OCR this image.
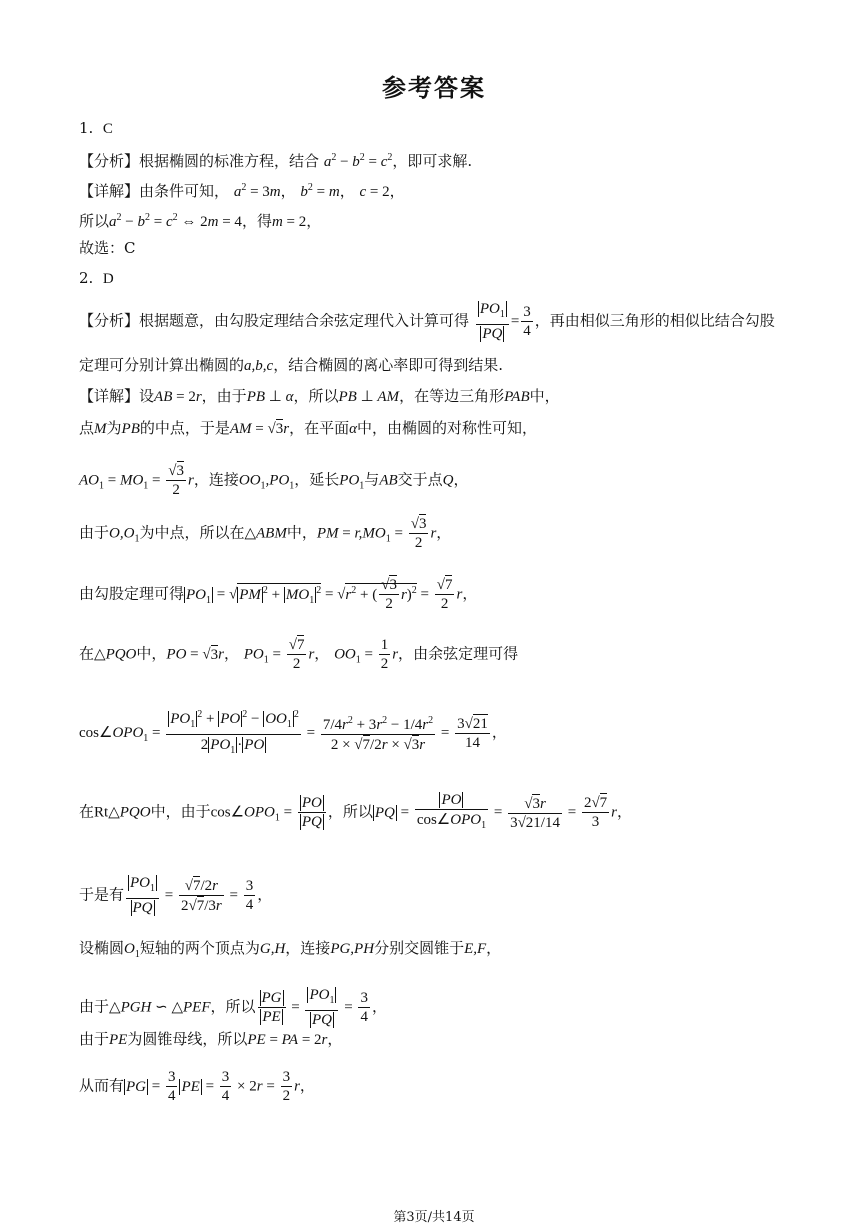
参考答案
1. C
【分析】根据椭圆的标准方程，结合 $a^2 - b^2 = c^2$，即可求解.
【详解】由条件可知， $a^2 = 3m$， $b^2 = m$， c = 2，
所以$a^2 - b^2 = c^2$ ⇔ 2m = 4，得m = 2，
故选：C
2. D
【分析】根据题意，由勾股定理结合余弦定理代入计算可得 $\frac{PO_1}{PQ} = \frac{3}{4}$ ，再由相似三角形的相似比结合勾股
定理可分别计算出椭圆的a,b,c，结合椭圆的离心率即可得到结果.
【详解】设AB = 2r，由于PB ⊥ α，所以PB ⊥ AM，在等边三角形PAB中，
点M为PB的中点，于是AM = √3r，在平面α中，由椭圆的对称性可知，
$AO_1 = MO_1 = \frac{√3}{2}$ r，连接$OO_1,PO_1$，延长$PO_1$与AB交于点Q，
由于$O,O_1$为中点，所以在△ABM中，PM = $r,MO_1 = \frac{√3}{2}$ r，
由勾股定理可得 $PO_1$ = √ PM $^2 + MO_1^2 = √r^2$ + ( $\frac{√3}{2} r)^2 = \frac{√7}{2}$ r，
在△PQO中，PO = √3r， $PO_1 = \frac{√7}{2}$ r， $OO_1 = \frac{1}{2}$ r，由余弦定理可得
$\cos\angle OPO_1 = \frac{PO_1^2 + PO ^2 - OO_1^2}{2 PO_1 \cdot PO} = \frac{7/4r^2 + 3r^2 - 1/4r^2}{2 \times √7/2r \times √3r} = \frac{3√21}{14}$ ，
在Rt△PQO中，由于$\cos\angle OPO_1 = \frac{PO}{PQ}$ ，所以 PQ = $\frac{PO}{\cos\angle OPO_1} = \frac{√3r}{3√21/14} = \frac{2√7}{3}$ r，
于是有 $\frac{PO_1}{PQ} = \frac{√7/2r}{2√7/3r} = \frac{3}{4}$ ，
设椭圆$O_1$短轴的两个顶点为G,H，连接PG,PH分别交圆锥于E,F，
由于△PGH ∽ △PEF，所以 $\frac{PG}{PE} = \frac{PO_1}{PQ} = \frac{3}{4}$ ，
由于PE为圆锥母线，所以PE = PA = 2r，
从而有 PG = $\frac{3}{4}$ PE = $\frac{3}{4} \times 2r = \frac{3}{2}$ r，
第3页/共14页
